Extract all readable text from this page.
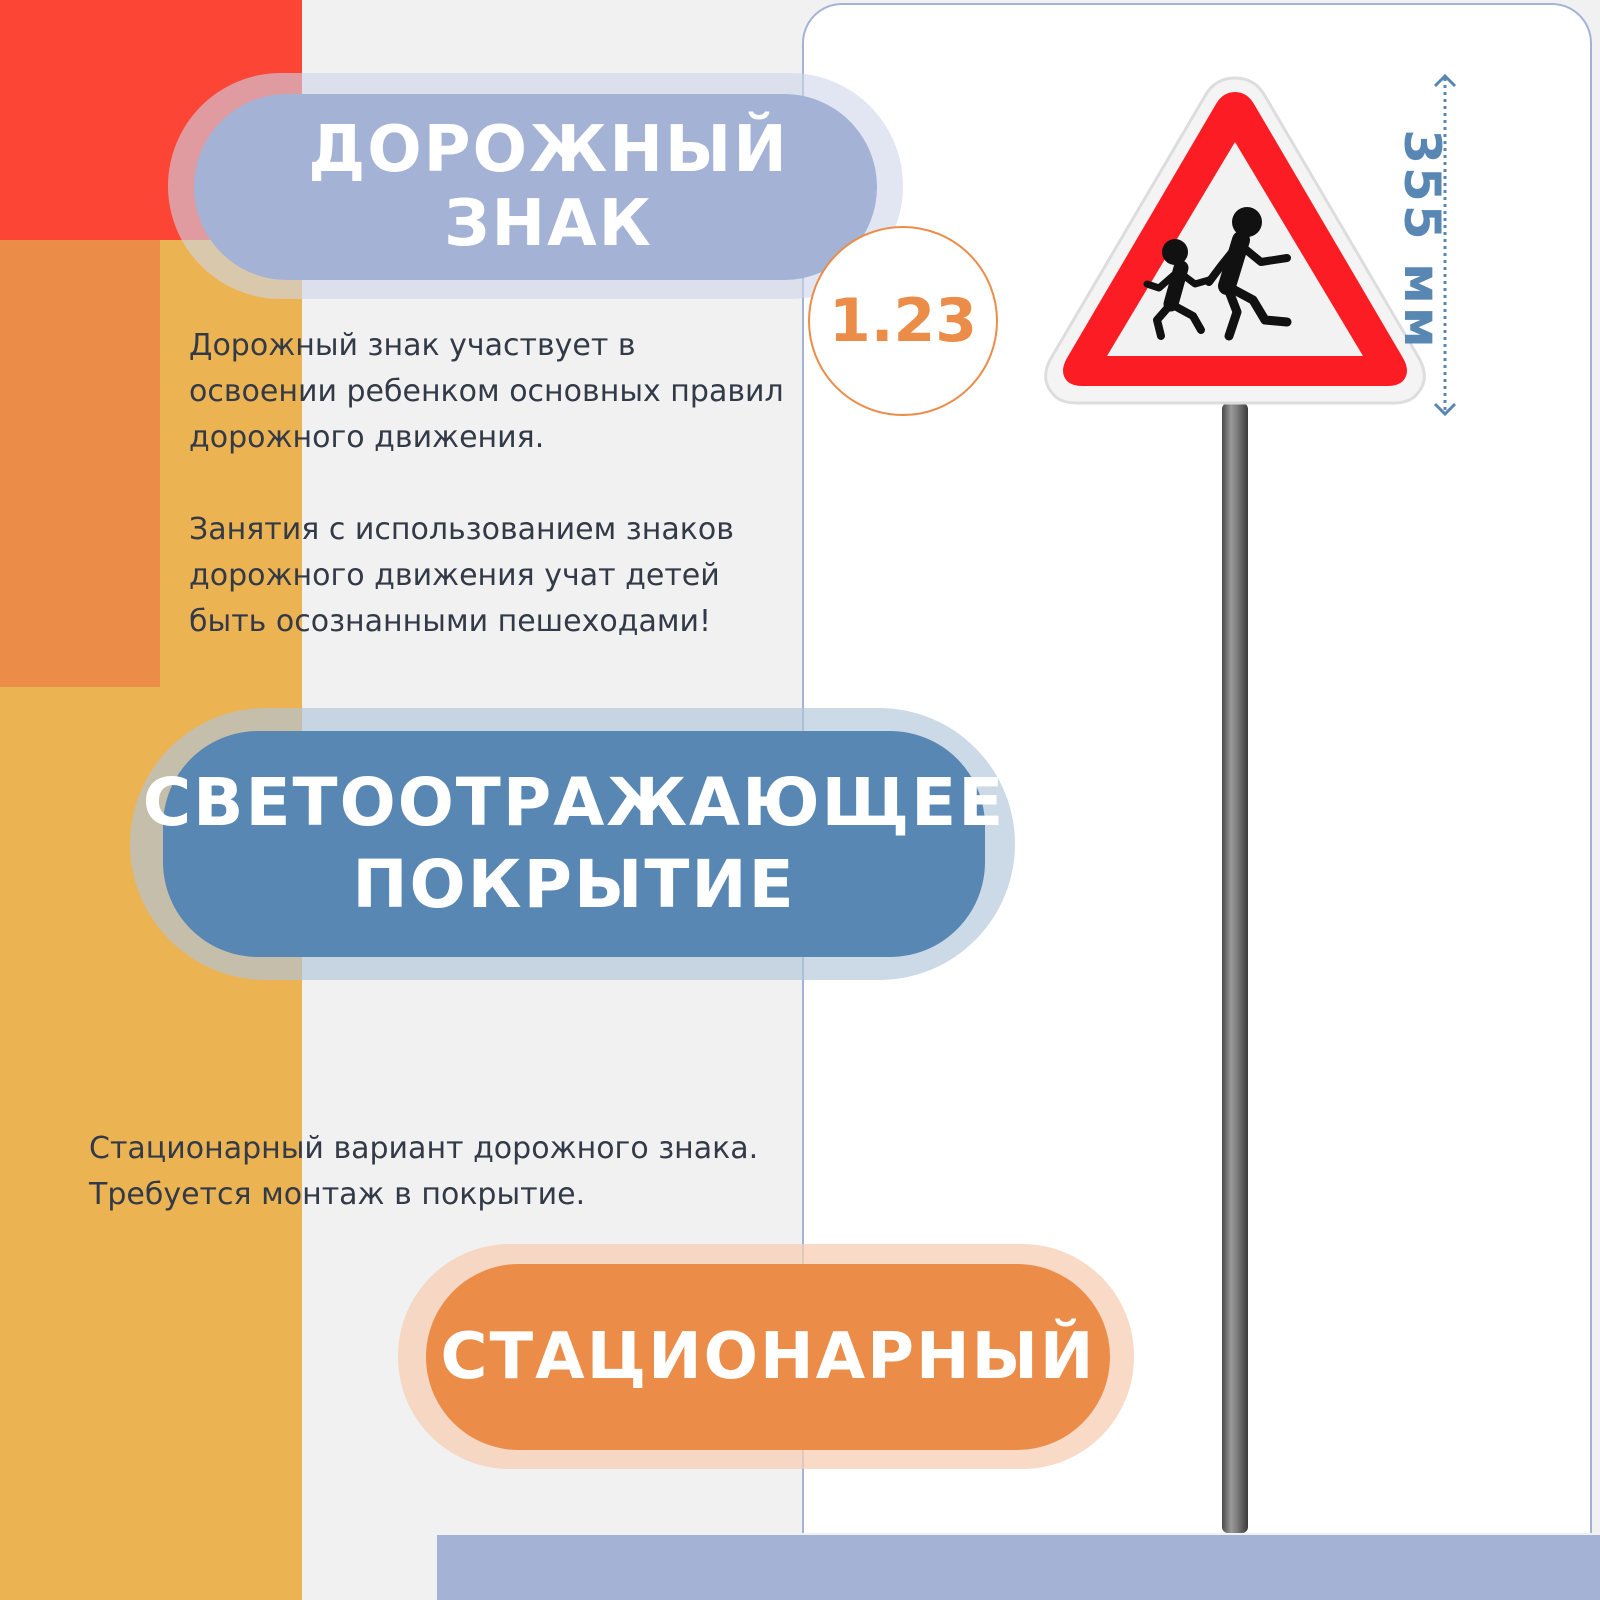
ДОРОЖНЫЙ ЗНАК
1.23
Дорожный знак участвует в освоении ребенком основных правил дорожного движения.
Занятия с использованием знаков дорожного движения учат детей быть осознанными пешеходами!
СВЕТООТРАЖАЮЩЕЕ
ПОКРЫТИЕ
Стационарный вариант дорожного знака. Требуется монтаж в покрытие.
СТАЦИОНАРНЫЙ
355 мм
